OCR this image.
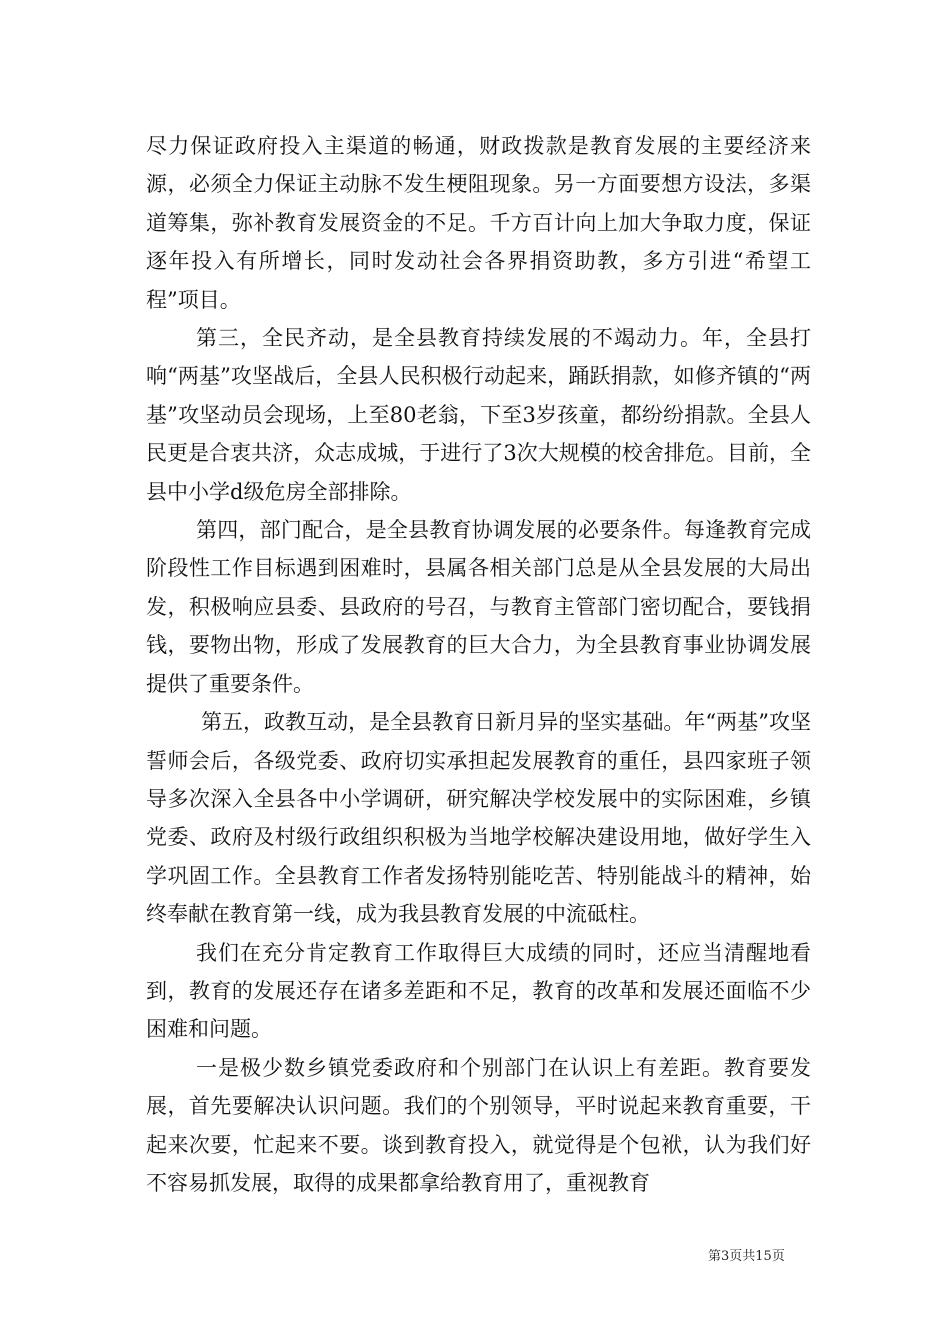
尽力保证政府投入主渠道的畅通，财政拨款是教育发展的主要经济来源，必须全力保证主动脉不发生梗阻现象。另一方面要想方设法，多渠道筹集，弥补教育发展资金的不足。千方百计向上加大争取力度，保证逐年投入有所增长，同时发动社会各界捐资助教，多方引进“希望工程”项目。

第三，全民齐动，是全县教育持续发展的不竭动力。年，全县打响“两基”攻坚战后，全县人民积极行动起来，踊跃捐款，如修齐镇的“两基”攻坚动员会现场，上至80老翁，下至3岁孩童，都纷纷捐款。全县人民更是合衷共济，众志成城，于进行了3次大规模的校舍排危。目前，全县中小学d级危房全部排除。

第四，部门配合，是全县教育协调发展的必要条件。每逢教育完成阶段性工作目标遇到困难时，县属各相关部门总是从全县发展的大局出发，积极响应县委、县政府的号召，与教育主管部门密切配合，要钱捐钱，要物出物，形成了发展教育的巨大合力，为全县教育事业协调发展提供了重要条件。

第五，政教互动，是全县教育日新月异的坚实基础。年“两基”攻坚誓师会后，各级党委、政府切实承担起发展教育的重任，县四家班子领导多次深入全县各中小学调研，研究解决学校发展中的实际困难，乡镇党委、政府及村级行政组织积极为当地学校解决建设用地，做好学生入学巩固工作。全县教育工作者发扬特别能吃苦、特别能战斗的精神，始终奉献在教育第一线，成为我县教育发展的中流砥柱。

我们在充分肯定教育工作取得巨大成绩的同时，还应当清醒地看到，教育的发展还存在诸多差距和不足，教育的改革和发展还面临不少困难和问题。

一是极少数乡镇党委政府和个别部门在认识上有差距。教育要发展，首先要解决认识问题。我们的个别领导，平时说起来教育重要，干起来次要，忙起来不要。谈到教育投入，就觉得是个包袱，认为我们好不容易抓发展，取得的成果都拿给教育用了，重视教育

第3页共15页
